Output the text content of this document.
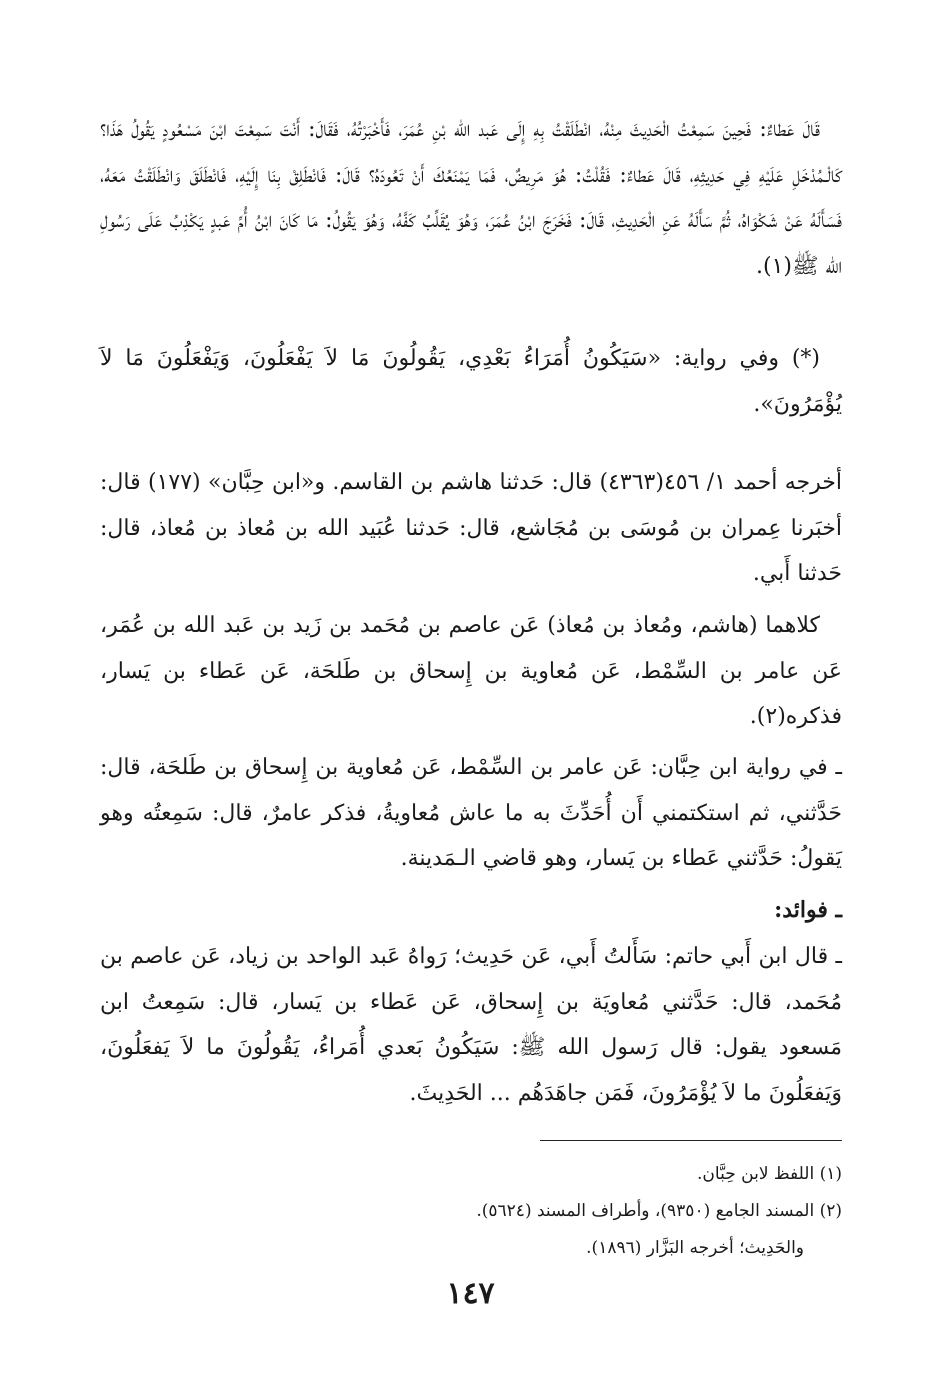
قَالَ عَطاءٌ: فَحِينَ سَمِعْتُ الْحَدِيثَ مِنْهُ، انْطَلَقْتُ بِهِ إِلَى عَبد الله بْنِ عُمَرَ، فَأَخْبَرْتُهُ، فَقَالَ: أَنْتَ سَمِعْتَ ابْنَ مَسْعُودٍ يَقُولُ هَذَا؟ كَالْـمُدْخَلِ عَلَيْهِ فِي حَدِيثِهِ، قَالَ عَطاءٌ: فَقُلْتُ: هُوَ مَرِيضٌ، فَمَا يَمْنَعُكَ أَنْ تَعُودَهُ؟ قَالَ: فَانْطَلِقْ بِنَا إِلَيْهِ، فَانْطَلَقَ وَانْطَلَقْتُ مَعَهُ، فَسَأَلَهُ عَنْ شَكْوَاهُ، ثُمَّ سَأَلَهُ عَنِ الْحَدِيثِ، قَالَ: فَخَرَجَ ابْنُ عُمَرَ، وَهُوَ يُقَلِّبُ كَفَّهُ، وَهُوَ يَقُولُ: مَا كَانَ ابْنُ أُمِّ عَبدٍ يَكْذِبُ عَلَى رَسُولِ الله ﷺ(١).

(*) وفي رواية: «سَيَكُونُ أُمَرَاءُ بَعْدِي، يَقُولُونَ مَا لاَ يَفْعَلُونَ، وَيَفْعَلُونَ مَا لاَ يُؤْمَرُونَ».

أخرجه أحمد ١/ ٤٥٦(٤٣٦٣) قال: حَدثنا هاشم بن القاسم. و«ابن حِبَّان» (١٧٧) قال: أخبَرنا عِمران بن مُوسَى بن مُجَاشع، قال: حَدثنا عُبَيد الله بن مُعاذ بن مُعاذ، قال: حَدثنا أَبي.

كلاهما (هاشم، ومُعاذ بن مُعاذ) عَن عاصم بن مُحَمد بن زَيد بن عَبد الله بن عُمَر، عَن عامر بن السِّمْط، عَن مُعاوية بن إِسحاق بن طَلحَة، عَن عَطاء بن يَسار، فذكره(٢).

ـ في رواية ابن حِبَّان: عَن عامر بن السِّمْط، عَن مُعاوية بن إِسحاق بن طَلحَة، قال: حَدَّثني، ثم استكتمني أَن أُحَدِّثَ به ما عاش مُعاويةُ، فذكر عامرٌ، قال: سَمِعتُه وهو يَقولُ: حَدَّثني عَطاء بن يَسار، وهو قاضي الـمَدينة.

ـ فوائد:

ـ قال ابن أَبي حاتم: سَأَلتُ أَبي، عَن حَدِيث؛ رَواهُ عَبد الواحد بن زياد، عَن عاصم بن مُحَمد، قال: حَدَّثني مُعاويَة بن إِسحاق، عَن عَطاء بن يَسار، قال: سَمِعتُ ابن مَسعود يقول: قال رَسول الله ﷺ: سَيَكُونُ بَعدي أُمَراءُ، يَقُولُونَ ما لاَ يَفعَلُونَ، وَيَفعَلُونَ ما لاَ يُؤْمَرُونَ، فَمَن جاهَدَهُم ... الحَدِيثَ.

(١) اللفظ لابن حِبَّان.

(٢) المسند الجامع (٩٣٥٠)، وأطراف المسند (٥٦٢٤).

والحَدِيث؛ أخرجه البَزَّار (١٨٩٦).

١٤٧
